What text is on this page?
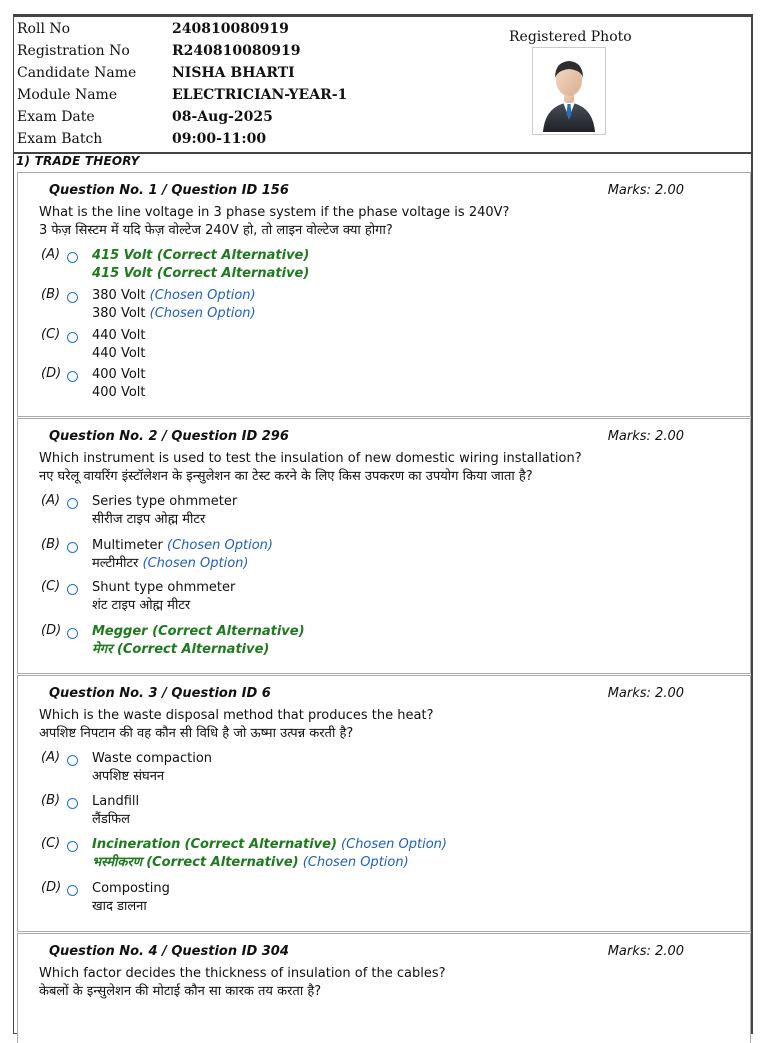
Roll No	240810080919
Registration No	R240810080919
Candidate Name	NISHA BHARTI
Module Name	ELECTRICIAN-YEAR-1
Exam Date	08-Aug-2025
Exam Batch	09:00-11:00
Registered Photo
1) TRADE THEORY
Question No. 1 / Question ID 156	Marks: 2.00
What is the line voltage in 3 phase system if the phase voltage is 240V?
3 फेज़ सिस्टम में यदि फेज़ वोल्टेज 240V हो, तो लाइन वोल्टेज क्या होगा?
(A) 415 Volt (Correct Alternative)
415 Volt (Correct Alternative)
(B) 380 Volt (Chosen Option)
380 Volt (Chosen Option)
(C) 440 Volt
440 Volt
(D) 400 Volt
400 Volt
Question No. 2 / Question ID 296	Marks: 2.00
Which instrument is used to test the insulation of new domestic wiring installation?
नए घरेलू वायरिंग इंस्टॉलेशन के इन्सुलेशन का टेस्ट करने के लिए किस उपकरण का उपयोग किया जाता है?
(A) Series type ohmmeter
सीरीज टाइप ओह्म मीटर
(B) Multimeter (Chosen Option)
मल्टीमीटर (Chosen Option)
(C) Shunt type ohmmeter
शंट टाइप ओह्म मीटर
(D) Megger (Correct Alternative)
मेगर (Correct Alternative)
Question No. 3 / Question ID 6	Marks: 2.00
Which is the waste disposal method that produces the heat?
अपशिष्ट निपटान की वह कौन सी विधि है जो ऊष्मा उत्पन्न करती है?
(A) Waste compaction
अपशिष्ट संघनन
(B) Landfill
लैंडफिल
(C) Incineration (Correct Alternative) (Chosen Option)
भस्मीकरण (Correct Alternative) (Chosen Option)
(D) Composting
खाद डालना
Question No. 4 / Question ID 304	Marks: 2.00
Which factor decides the thickness of insulation of the cables?
केबलों के इन्सुलेशन की मोटाई कौन सा कारक तय करता है?
